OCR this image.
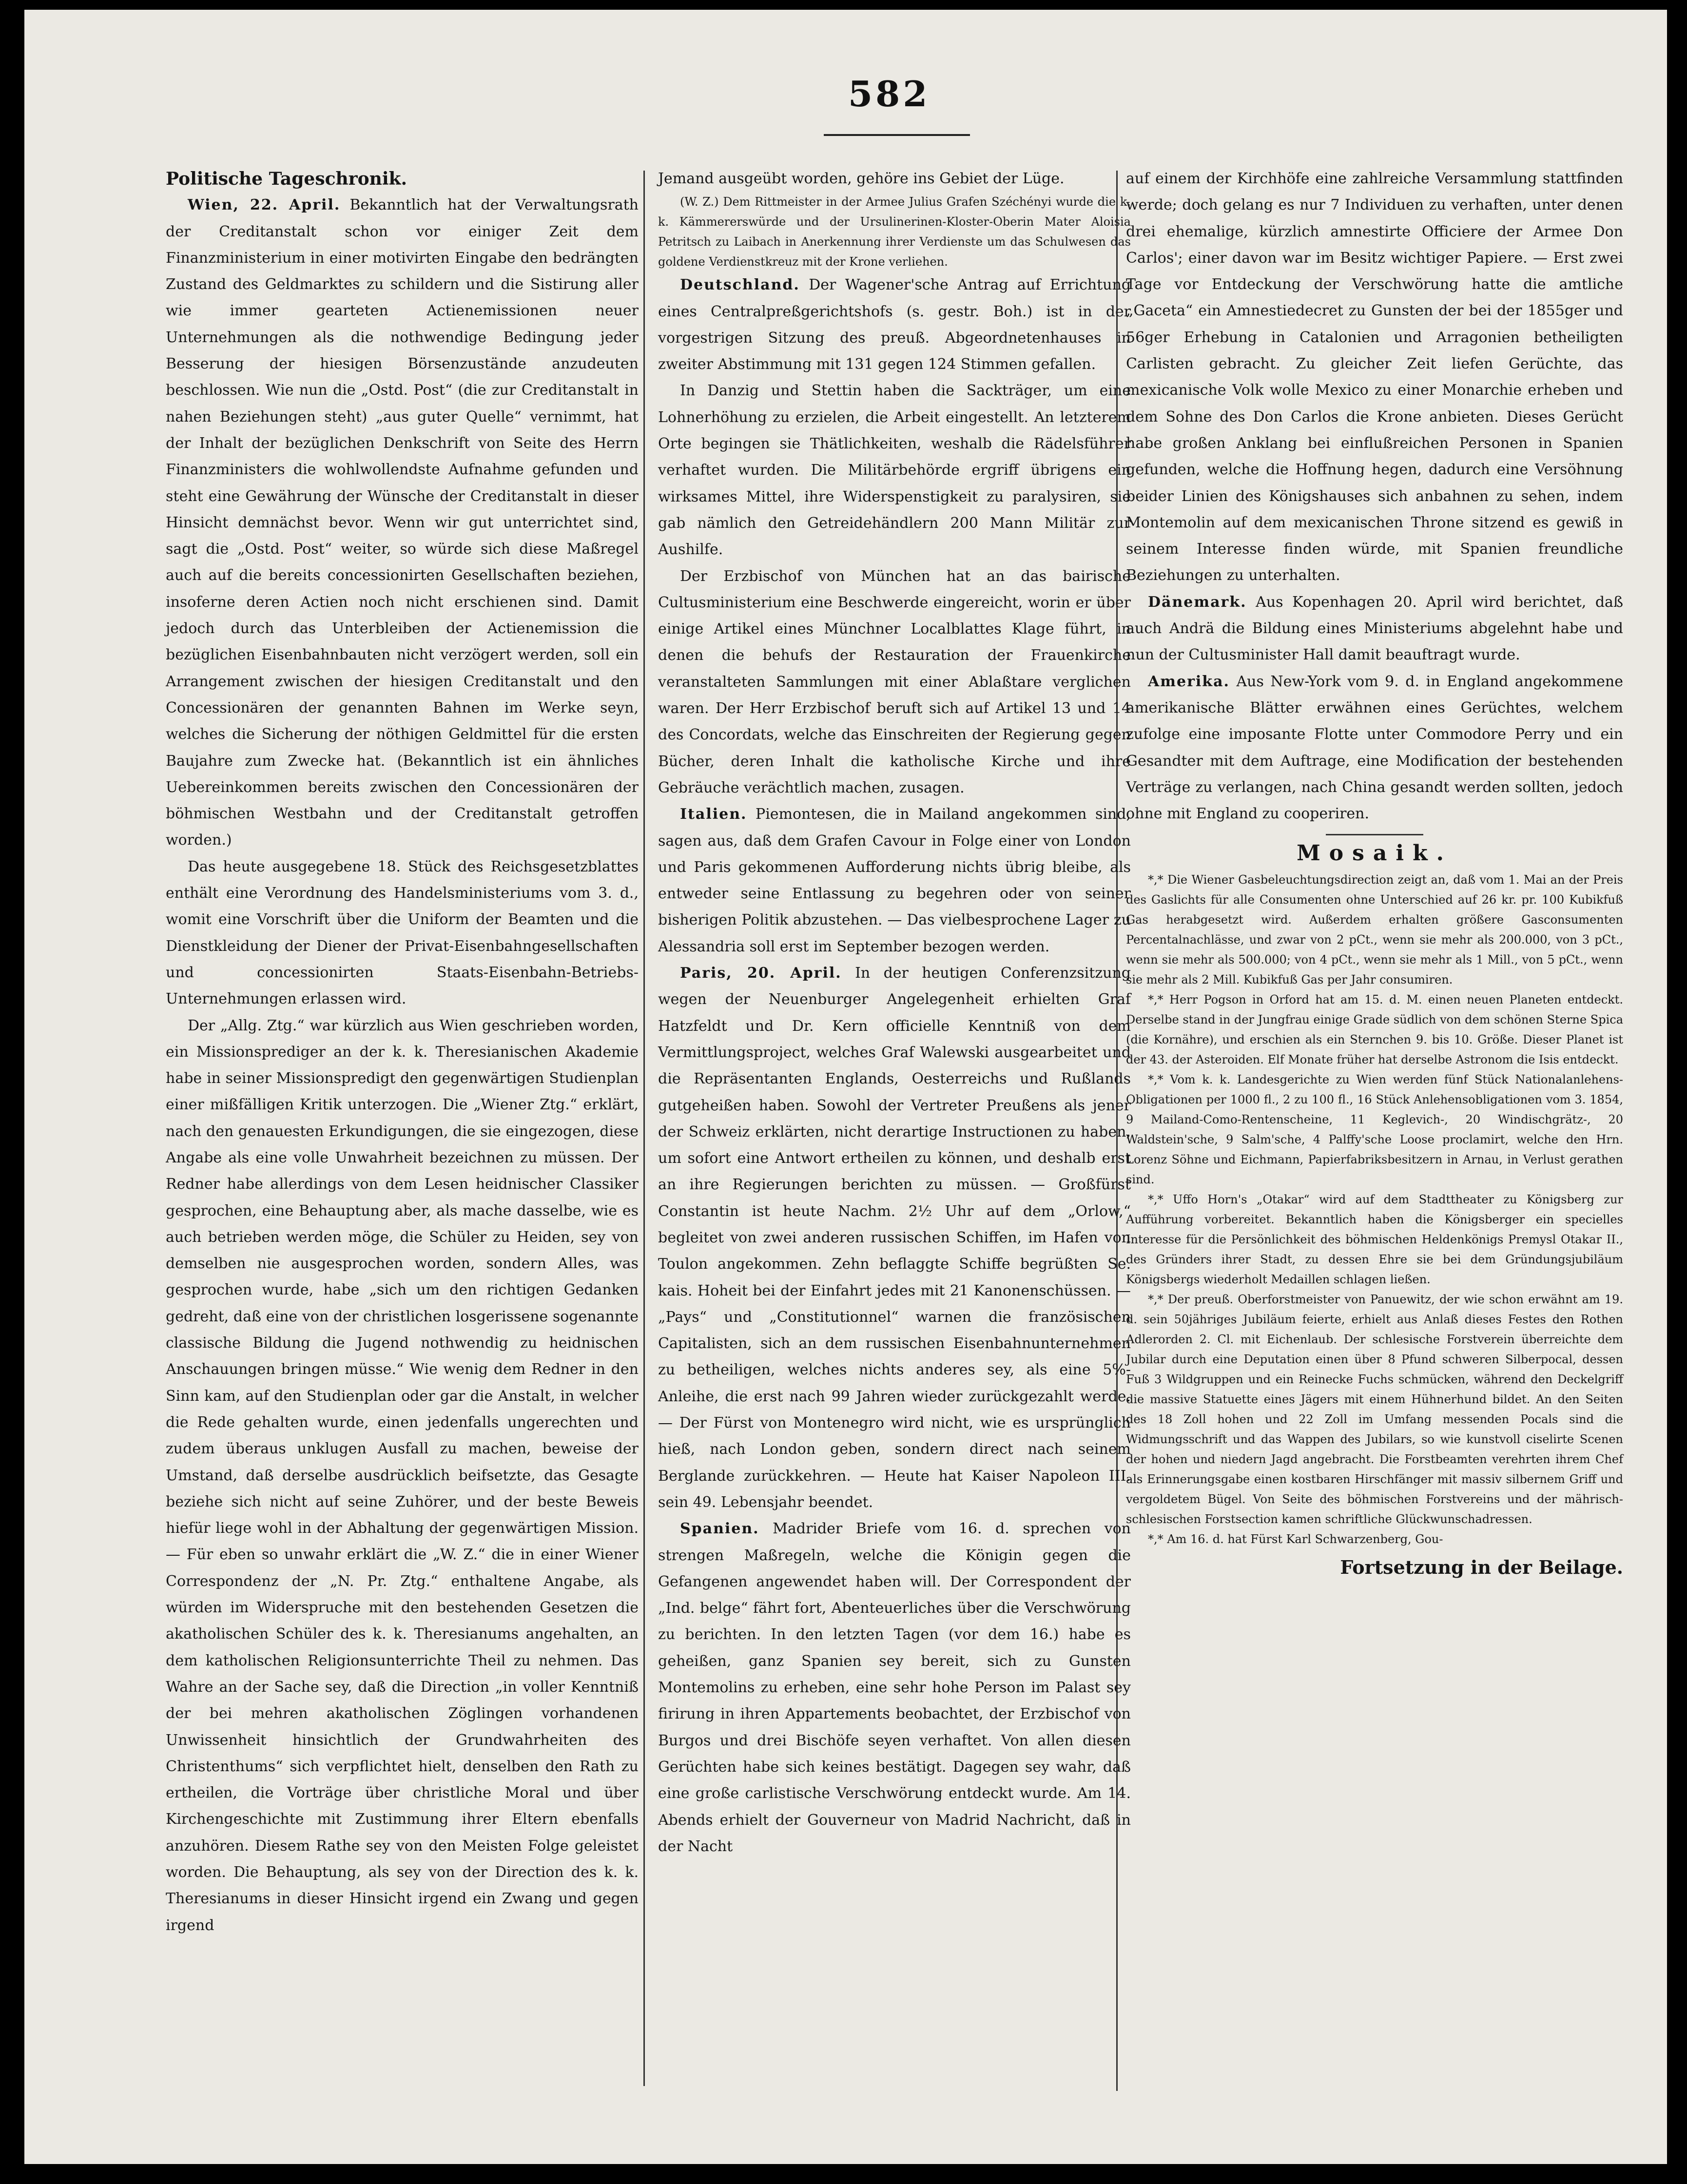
582
Politische Tageschronik.

Wien, 22. April. Bekanntlich hat der Verwaltungsrath der Creditanstalt schon vor einiger Zeit dem Finanzministerium in einer motivirten Eingabe den bedrängten Zustand des Geldmarktes zu schildern und die Sistirung aller wie immer gearteten Actienemissionen neuer Unternehmungen als die nothwendige Bedingung jeder Besserung der hiesigen Börsenzustände anzudeuten beschlossen. Wie nun die „Ostd. Post“ (die zur Creditanstalt in nahen Beziehungen steht) „aus guter Quelle“ vernimmt, hat der Inhalt der bezüglichen Denkschrift von Seite des Herrn Finanzministers die wohlwollendste Aufnahme gefunden und steht eine Gewährung der Wünsche der Creditanstalt in dieser Hinsicht demnächst bevor. Wenn wir gut unterrichtet sind, sagt die „Ostd. Post“ weiter, so würde sich diese Maßregel auch auf die bereits concessionirten Gesellschaften beziehen, insoferne deren Actien noch nicht erschienen sind. Damit jedoch durch das Unterbleiben der Actienemission die bezüglichen Eisenbahnbauten nicht verzögert werden, soll ein Arrangement zwischen der hiesigen Creditanstalt und den Concessionären der genannten Bahnen im Werke seyn, welches die Sicherung der nöthigen Geldmittel für die ersten Baujahre zum Zwecke hat. (Bekanntlich ist ein ähnliches Uebereinkommen bereits zwischen den Concessionären der böhmischen Westbahn und der Creditanstalt getroffen worden.)

Das heute ausgegebene 18. Stück des Reichsgesetzblattes enthält eine Verordnung des Handelsministeriums vom 3. d., womit eine Vorschrift über die Uniform der Beamten und die Dienstkleidung der Diener der Privat-Eisenbahngesellschaften und concessionirten Staats-Eisenbahn-Betriebs-Unternehmungen erlassen wird.

Der „Allg. Ztg.“ war kürzlich aus Wien geschrieben worden, ein Missionsprediger an der k. k. Theresianischen Akademie habe in seiner Missionspredigt den gegenwärtigen Studienplan einer mißfälligen Kritik unterzogen. Die „Wiener Ztg.“ erklärt, nach den genauesten Erkundigungen, die sie eingezogen, diese Angabe als eine volle Unwahrheit bezeichnen zu müssen. Der Redner habe allerdings von dem Lesen heidnischer Classiker gesprochen, eine Behauptung aber, als mache dasselbe, wie es auch betrieben werden möge, die Schüler zu Heiden, sey von demselben nie ausgesprochen worden, sondern Alles, was gesprochen wurde, habe „sich um den richtigen Gedanken gedreht, daß eine von der christlichen losgerissene sogenannte classische Bildung die Jugend nothwendig zu heidnischen Anschauungen bringen müsse.“ Wie wenig dem Redner in den Sinn kam, auf den Studienplan oder gar die Anstalt, in welcher die Rede gehalten wurde, einen jedenfalls ungerechten und zudem überaus unklugen Ausfall zu machen, beweise der Umstand, daß derselbe ausdrücklich beifsetzte, das Gesagte beziehe sich nicht auf seine Zuhörer, und der beste Beweis hiefür liege wohl in der Abhaltung der gegenwärtigen Mission. — Für eben so unwahr erklärt die „W. Z.“ die in einer Wiener Correspondenz der „N. Pr. Ztg.“ enthaltene Angabe, als würden im Widerspruche mit den bestehenden Gesetzen die akatholischen Schüler des k. k. Theresianums angehalten, an dem katholischen Religionsunterrichte Theil zu nehmen. Das Wahre an der Sache sey, daß die Direction „in voller Kenntniß der bei mehren akatholischen Zöglingen vorhandenen Unwissenheit hinsichtlich der Grundwahrheiten des Christenthums“ sich verpflichtet hielt, denselben den Rath zu ertheilen, die Vorträge über christliche Moral und über Kirchengeschichte mit Zustimmung ihrer Eltern ebenfalls anzuhören. Diesem Rathe sey von den Meisten Folge geleistet worden. Die Behauptung, als sey von der Direction des k. k. Theresianums in dieser Hinsicht irgend ein Zwang und gegen irgend

Jemand ausgeübt worden, gehöre ins Gebiet der Lüge.

(W. Z.) Dem Rittmeister in der Armee Julius Grafen Széchényi wurde die k. k. Kämmererswürde und der Ursulinerinen-Kloster-Oberin Mater Aloisia Petritsch zu Laibach in Anerkennung ihrer Verdienste um das Schulwesen das goldene Verdienstkreuz mit der Krone verliehen.

Deutschland. Der Wagener'sche Antrag auf Errichtung eines Centralpreßgerichtshofs (s. gestr. Boh.) ist in der vorgestrigen Sitzung des preuß. Abgeordnetenhauses in zweiter Abstimmung mit 131 gegen 124 Stimmen gefallen.

In Danzig und Stettin haben die Sackträger, um eine Lohnerhöhung zu erzielen, die Arbeit eingestellt. An letzterem Orte begingen sie Thätlichkeiten, weshalb die Rädelsführer verhaftet wurden. Die Militärbehörde ergriff übrigens ein wirksames Mittel, ihre Widerspenstigkeit zu paralysiren, sie gab nämlich den Getreidehändlern 200 Mann Militär zur Aushilfe.

Der Erzbischof von München hat an das bairische Cultusministerium eine Beschwerde eingereicht, worin er über einige Artikel eines Münchner Localblattes Klage führt, in denen die behufs der Restauration der Frauenkirche veranstalteten Sammlungen mit einer Ablaßtare verglichen waren. Der Herr Erzbischof beruft sich auf Artikel 13 und 14 des Concordats, welche das Einschreiten der Regierung gegen Bücher, deren Inhalt die katholische Kirche und ihre Gebräuche verächtlich machen, zusagen.

Italien. Piemontesen, die in Mailand angekommen sind, sagen aus, daß dem Grafen Cavour in Folge einer von London und Paris gekommenen Aufforderung nichts übrig bleibe, als entweder seine Entlassung zu begehren oder von seiner bisherigen Politik abzustehen. — Das vielbesprochene Lager zu Alessandria soll erst im September bezogen werden.

Paris, 20. April. In der heutigen Conferenzsitzung wegen der Neuenburger Angelegenheit erhielten Graf Hatzfeldt und Dr. Kern officielle Kenntniß von dem Vermittlungsproject, welches Graf Walewski ausgearbeitet und die Repräsentanten Englands, Oesterreichs und Rußlands gutgeheißen haben. Sowohl der Vertreter Preußens als jener der Schweiz erklärten, nicht derartige Instructionen zu haben, um sofort eine Antwort ertheilen zu können, und deshalb erst an ihre Regierungen berichten zu müssen. — Großfürst Constantin ist heute Nachm. 2½ Uhr auf dem „Orlow,“ begleitet von zwei anderen russischen Schiffen, im Hafen von Toulon angekommen. Zehn beflaggte Schiffe begrüßten Se. kais. Hoheit bei der Einfahrt jedes mit 21 Kanonenschüssen. — „Pays“ und „Constitutionnel“ warnen die französischen Capitalisten, sich an dem russischen Eisenbahnunternehmen zu betheiligen, welches nichts anderes sey, als eine 5%-Anleihe, die erst nach 99 Jahren wieder zurückgezahlt werde. — Der Fürst von Montenegro wird nicht, wie es ursprünglich hieß, nach London geben, sondern direct nach seinem Berglande zurückkehren. — Heute hat Kaiser Napoleon III. sein 49. Lebensjahr beendet.

Spanien. Madrider Briefe vom 16. d. sprechen von strengen Maßregeln, welche die Königin gegen die Gefangenen angewendet haben will. Der Correspondent der „Ind. belge“ fährt fort, Abenteuerliches über die Verschwörung zu berichten. In den letzten Tagen (vor dem 16.) habe es geheißen, ganz Spanien sey bereit, sich zu Gunsten Montemolins zu erheben, eine sehr hohe Person im Palast sey firirung in ihren Appartements beobachtet, der Erzbischof von Burgos und drei Bischöfe seyen verhaftet. Von allen diesen Gerüchten habe sich keines bestätigt. Dagegen sey wahr, daß eine große carlistische Verschwörung entdeckt wurde. Am 14. Abends erhielt der Gouverneur von Madrid Nachricht, daß in der Nacht

auf einem der Kirchhöfe eine zahlreiche Versammlung stattfinden werde; doch gelang es nur 7 Individuen zu verhaften, unter denen drei ehemalige, kürzlich amnestirte Officiere der Armee Don Carlos'; einer davon war im Besitz wichtiger Papiere. — Erst zwei Tage vor Entdeckung der Verschwörung hatte die amtliche „Gaceta“ ein Amnestiedecret zu Gunsten der bei der 1855ger und 56ger Erhebung in Catalonien und Arragonien betheiligten Carlisten gebracht. Zu gleicher Zeit liefen Gerüchte, das mexicanische Volk wolle Mexico zu einer Monarchie erheben und dem Sohne des Don Carlos die Krone anbieten. Dieses Gerücht habe großen Anklang bei einflußreichen Personen in Spanien gefunden, welche die Hoffnung hegen, dadurch eine Versöhnung beider Linien des Königshauses sich anbahnen zu sehen, indem Montemolin auf dem mexicanischen Throne sitzend es gewiß in seinem Interesse finden würde, mit Spanien freundliche Beziehungen zu unterhalten.

Dänemark. Aus Kopenhagen 20. April wird berichtet, daß auch Andrä die Bildung eines Ministeriums abgelehnt habe und nun der Cultusminister Hall damit beauftragt wurde.

Amerika. Aus New-York vom 9. d. in England angekommene amerikanische Blätter erwähnen eines Gerüchtes, welchem zufolge eine imposante Flotte unter Commodore Perry und ein Gesandter mit dem Auftrage, eine Modification der bestehenden Verträge zu verlangen, nach China gesandt werden sollten, jedoch ohne mit England zu cooperiren.

Mosaik.

*,* Die Wiener Gasbeleuchtungsdirection zeigt an, daß vom 1. Mai an der Preis des Gaslichts für alle Consumenten ohne Unterschied auf 26 kr. pr. 100 Kubikfuß Gas herabgesetzt wird. Außerdem erhalten größere Gasconsumenten Percentalnachlässe, und zwar von 2 pCt., wenn sie mehr als 200.000, von 3 pCt., wenn sie mehr als 500.000; von 4 pCt., wenn sie mehr als 1 Mill., von 5 pCt., wenn sie mehr als 2 Mill. Kubikfuß Gas per Jahr consumiren.

*,* Herr Pogson in Orford hat am 15. d. M. einen neuen Planeten entdeckt. Derselbe stand in der Jungfrau einige Grade südlich von dem schönen Sterne Spica (die Kornähre), und erschien als ein Sternchen 9. bis 10. Größe. Dieser Planet ist der 43. der Asteroiden. Elf Monate früher hat derselbe Astronom die Isis entdeckt.

*,* Vom k. k. Landesgerichte zu Wien werden fünf Stück Nationalanlehens-Obligationen per 1000 fl., 2 zu 100 fl., 16 Stück Anlehensobligationen vom 3. 1854, 9 Mailand-Como-Rentenscheine, 11 Keglevich-, 20 Windischgrätz-, 20 Waldstein'sche, 9 Salm'sche, 4 Palffy'sche Loose proclamirt, welche den Hrn. Lorenz Söhne und Eichmann, Papierfabriksbesitzern in Arnau, in Verlust gerathen sind.

*,* Uffo Horn's „Otakar“ wird auf dem Stadttheater zu Königsberg zur Aufführung vorbereitet. Bekanntlich haben die Königsberger ein specielles Interesse für die Persönlichkeit des böhmischen Heldenkönigs Premysl Otakar II., des Gründers ihrer Stadt, zu dessen Ehre sie bei dem Gründungsjubiläum Königsbergs wiederholt Medaillen schlagen ließen.

*,* Der preuß. Oberforstmeister von Panuewitz, der wie schon erwähnt am 19. d. sein 50jähriges Jubiläum feierte, erhielt aus Anlaß dieses Festes den Rothen Adlerorden 2. Cl. mit Eichenlaub. Der schlesische Forstverein überreichte dem Jubilar durch eine Deputation einen über 8 Pfund schweren Silberpocal, dessen Fuß 3 Wildgruppen und ein Reinecke Fuchs schmücken, während den Deckelgriff die massive Statuette eines Jägers mit einem Hühnerhund bildet. An den Seiten des 18 Zoll hohen und 22 Zoll im Umfang messenden Pocals sind die Widmungsschrift und das Wappen des Jubilars, so wie kunstvoll ciselirte Scenen der hohen und niedern Jagd angebracht. Die Forstbeamten verehrten ihrem Chef als Erinnerungsgabe einen kostbaren Hirschfänger mit massiv silbernem Griff und vergoldetem Bügel. Von Seite des böhmischen Forstvereins und der mährisch-schlesischen Forstsection kamen schriftliche Glückwunschadressen.

*,* Am 16. d. hat Fürst Karl Schwarzenberg, Gou-

Fortsetzung in der Beilage.
